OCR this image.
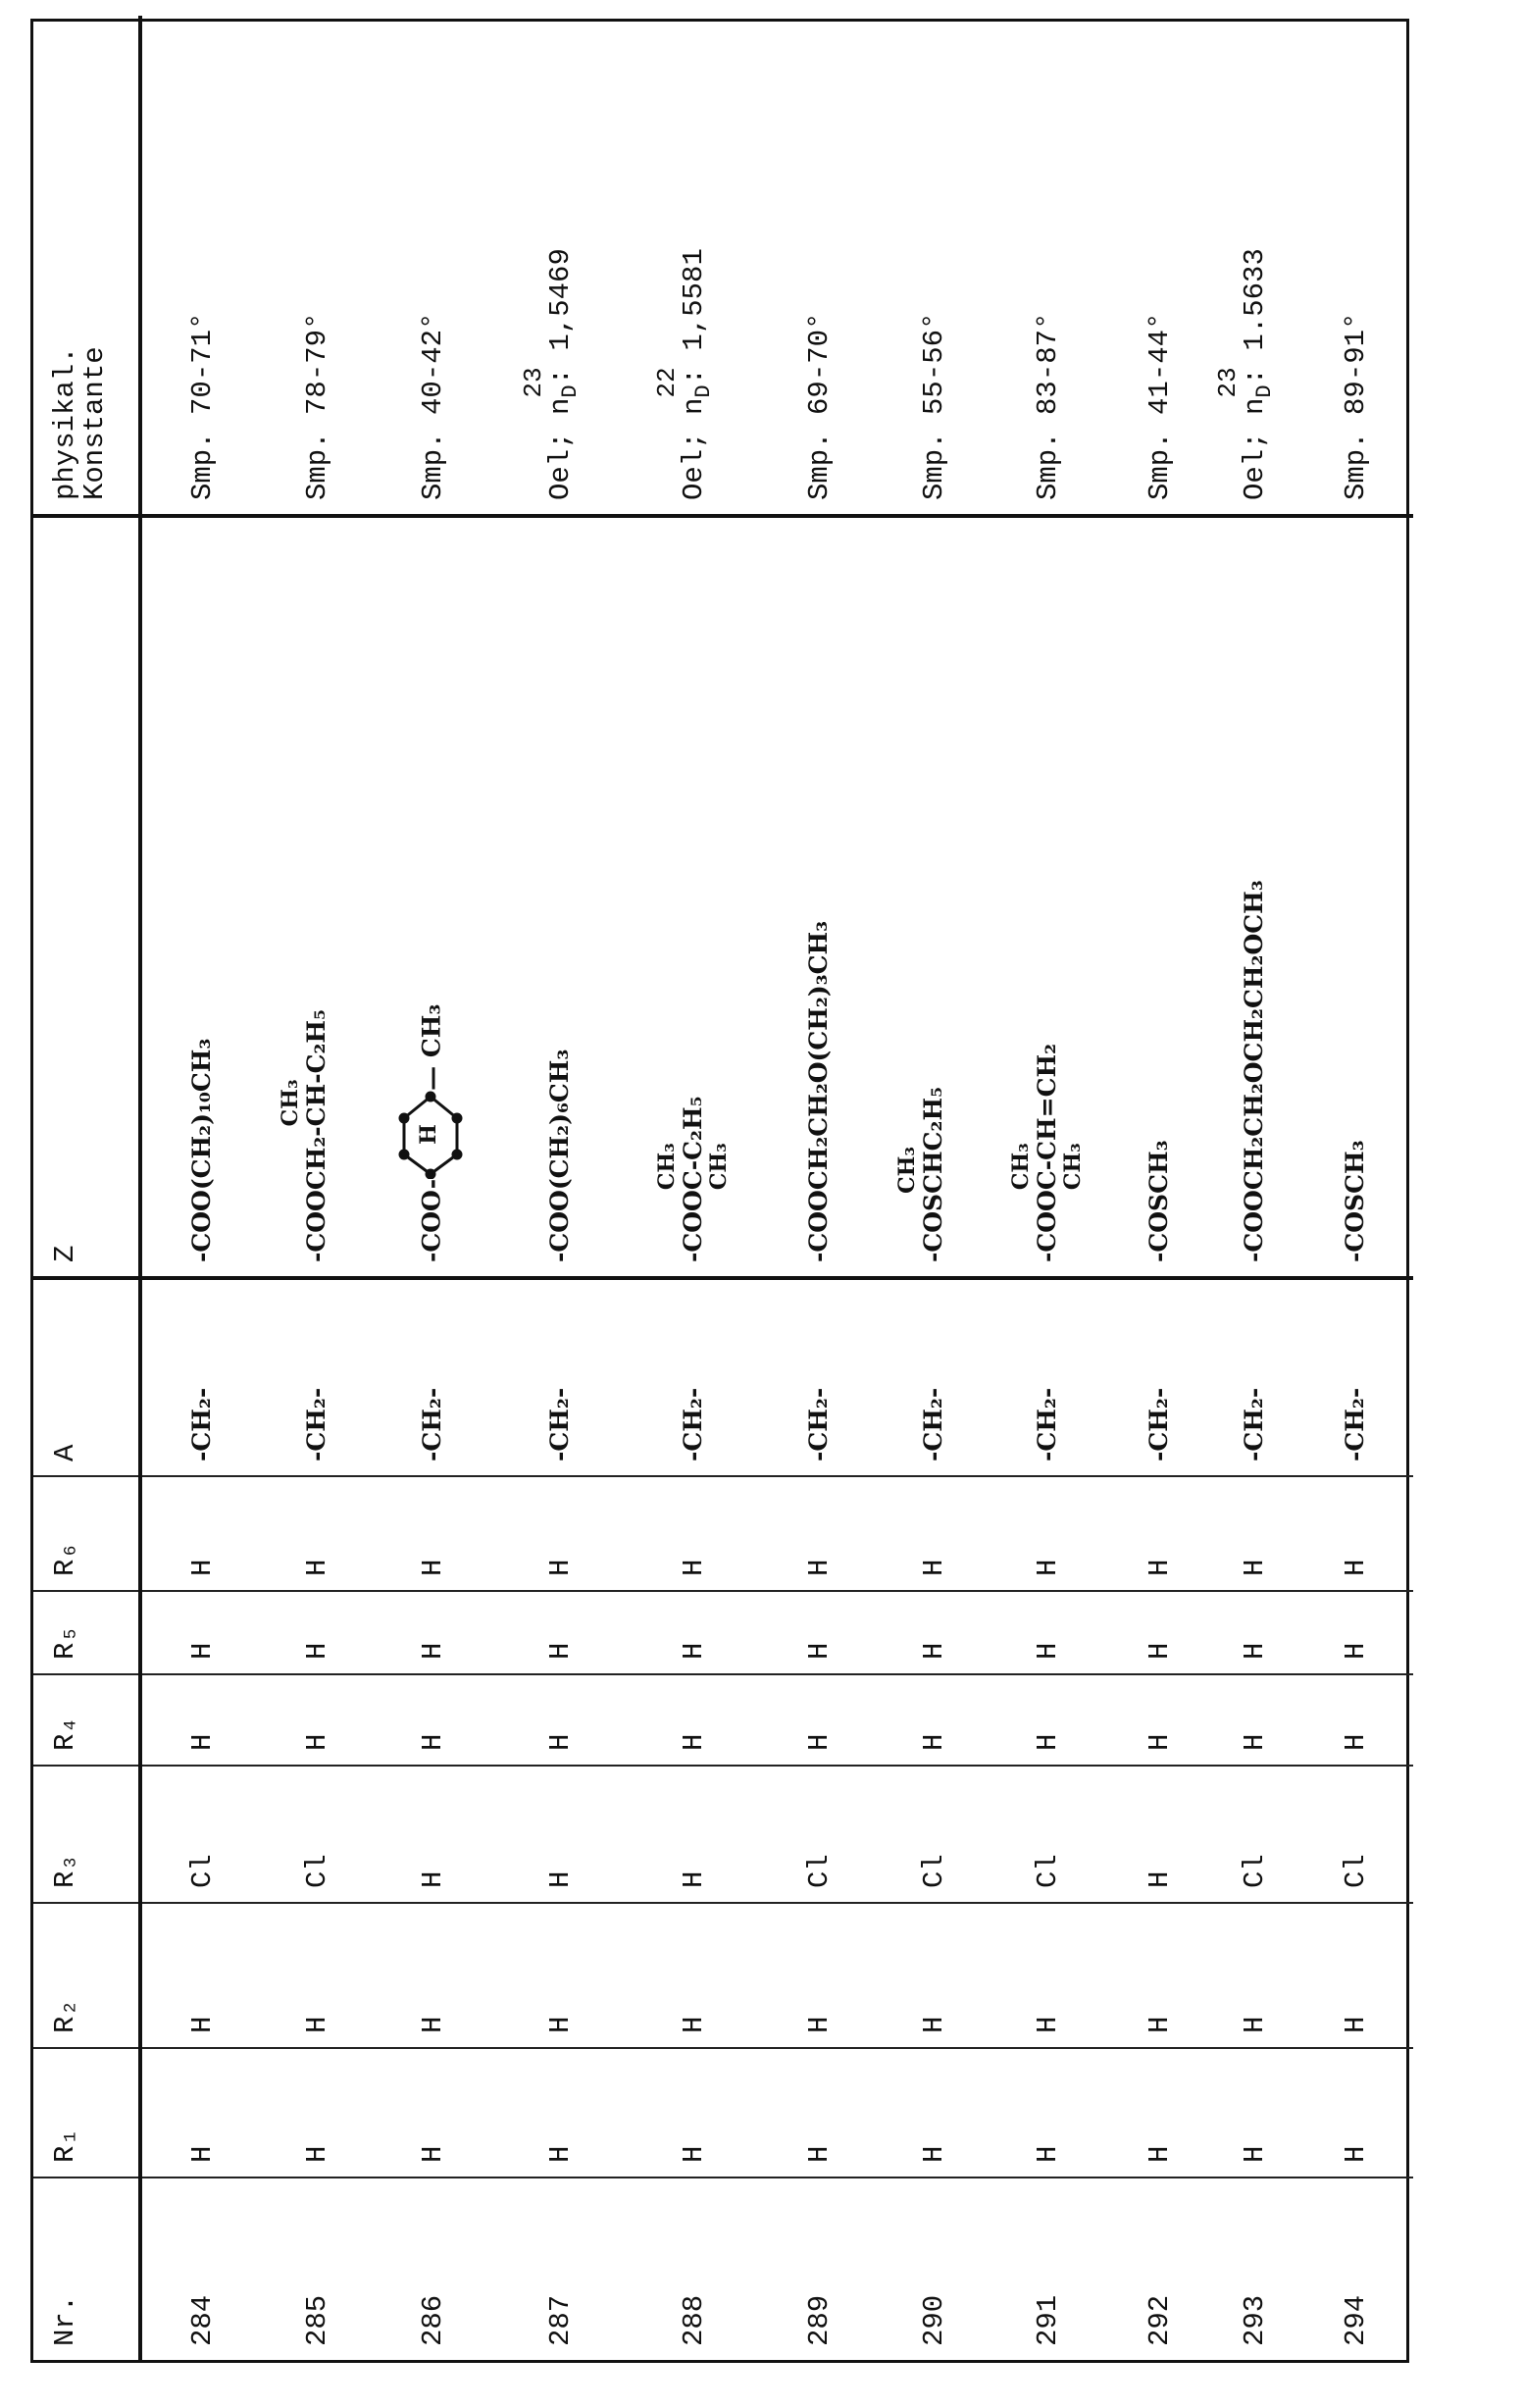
Nr.	R₁	R₂	R₃	R₄	R₅	R₆	A	Z	physikal.
Konstante
284	H	H	Cl	H	H	H	-CH₂-	-COO(CH₂)₁₀CH₃	Smp. 70-71°
285	H	H	Cl	H	H	H	-CH₂-	-COOCH₂-CH
CH₃
-C₂H₅	Smp. 78-79°
286	H	H	H	H	H	H	-CH₂-	-COO-
H
— CH₃	Smp. 40-42°
287	H	H	H	H	H	H	-CH₂-	-COO(CH₂)₆CH₃	Oel; n
23 D: 1,5469
288	H	H	H	H	H	H	-CH₂-	-COOC
CH₃ CH₃
-C₂H₅	Oel; n
22 D: 1,5581
289	H	H	Cl	H	H	H	-CH₂-	-COOCH₂CH₂O(CH₂)₃CH₃	Smp. 69-70°
290	H	H	Cl	H	H	H	-CH₂-	-COSCH
CH₃
C₂H₅	Smp. 55-56°
291	H	H	Cl	H	H	H	-CH₂-	-COOC
CH₃ CH₃
-CH=CH₂	Smp. 83-87°
292	H	H	H	H	H	H	-CH₂-	-COSCH₃	Smp. 41-44°
293	H	H	Cl	H	H	H	-CH₂-	-COOCH₂CH₂OCH₂CH₂OCH₃	Oel; n
23 D: 1.5633
294	H	H	Cl	H	H	H	-CH₂-	-COSCH₃	Smp. 89-91°
